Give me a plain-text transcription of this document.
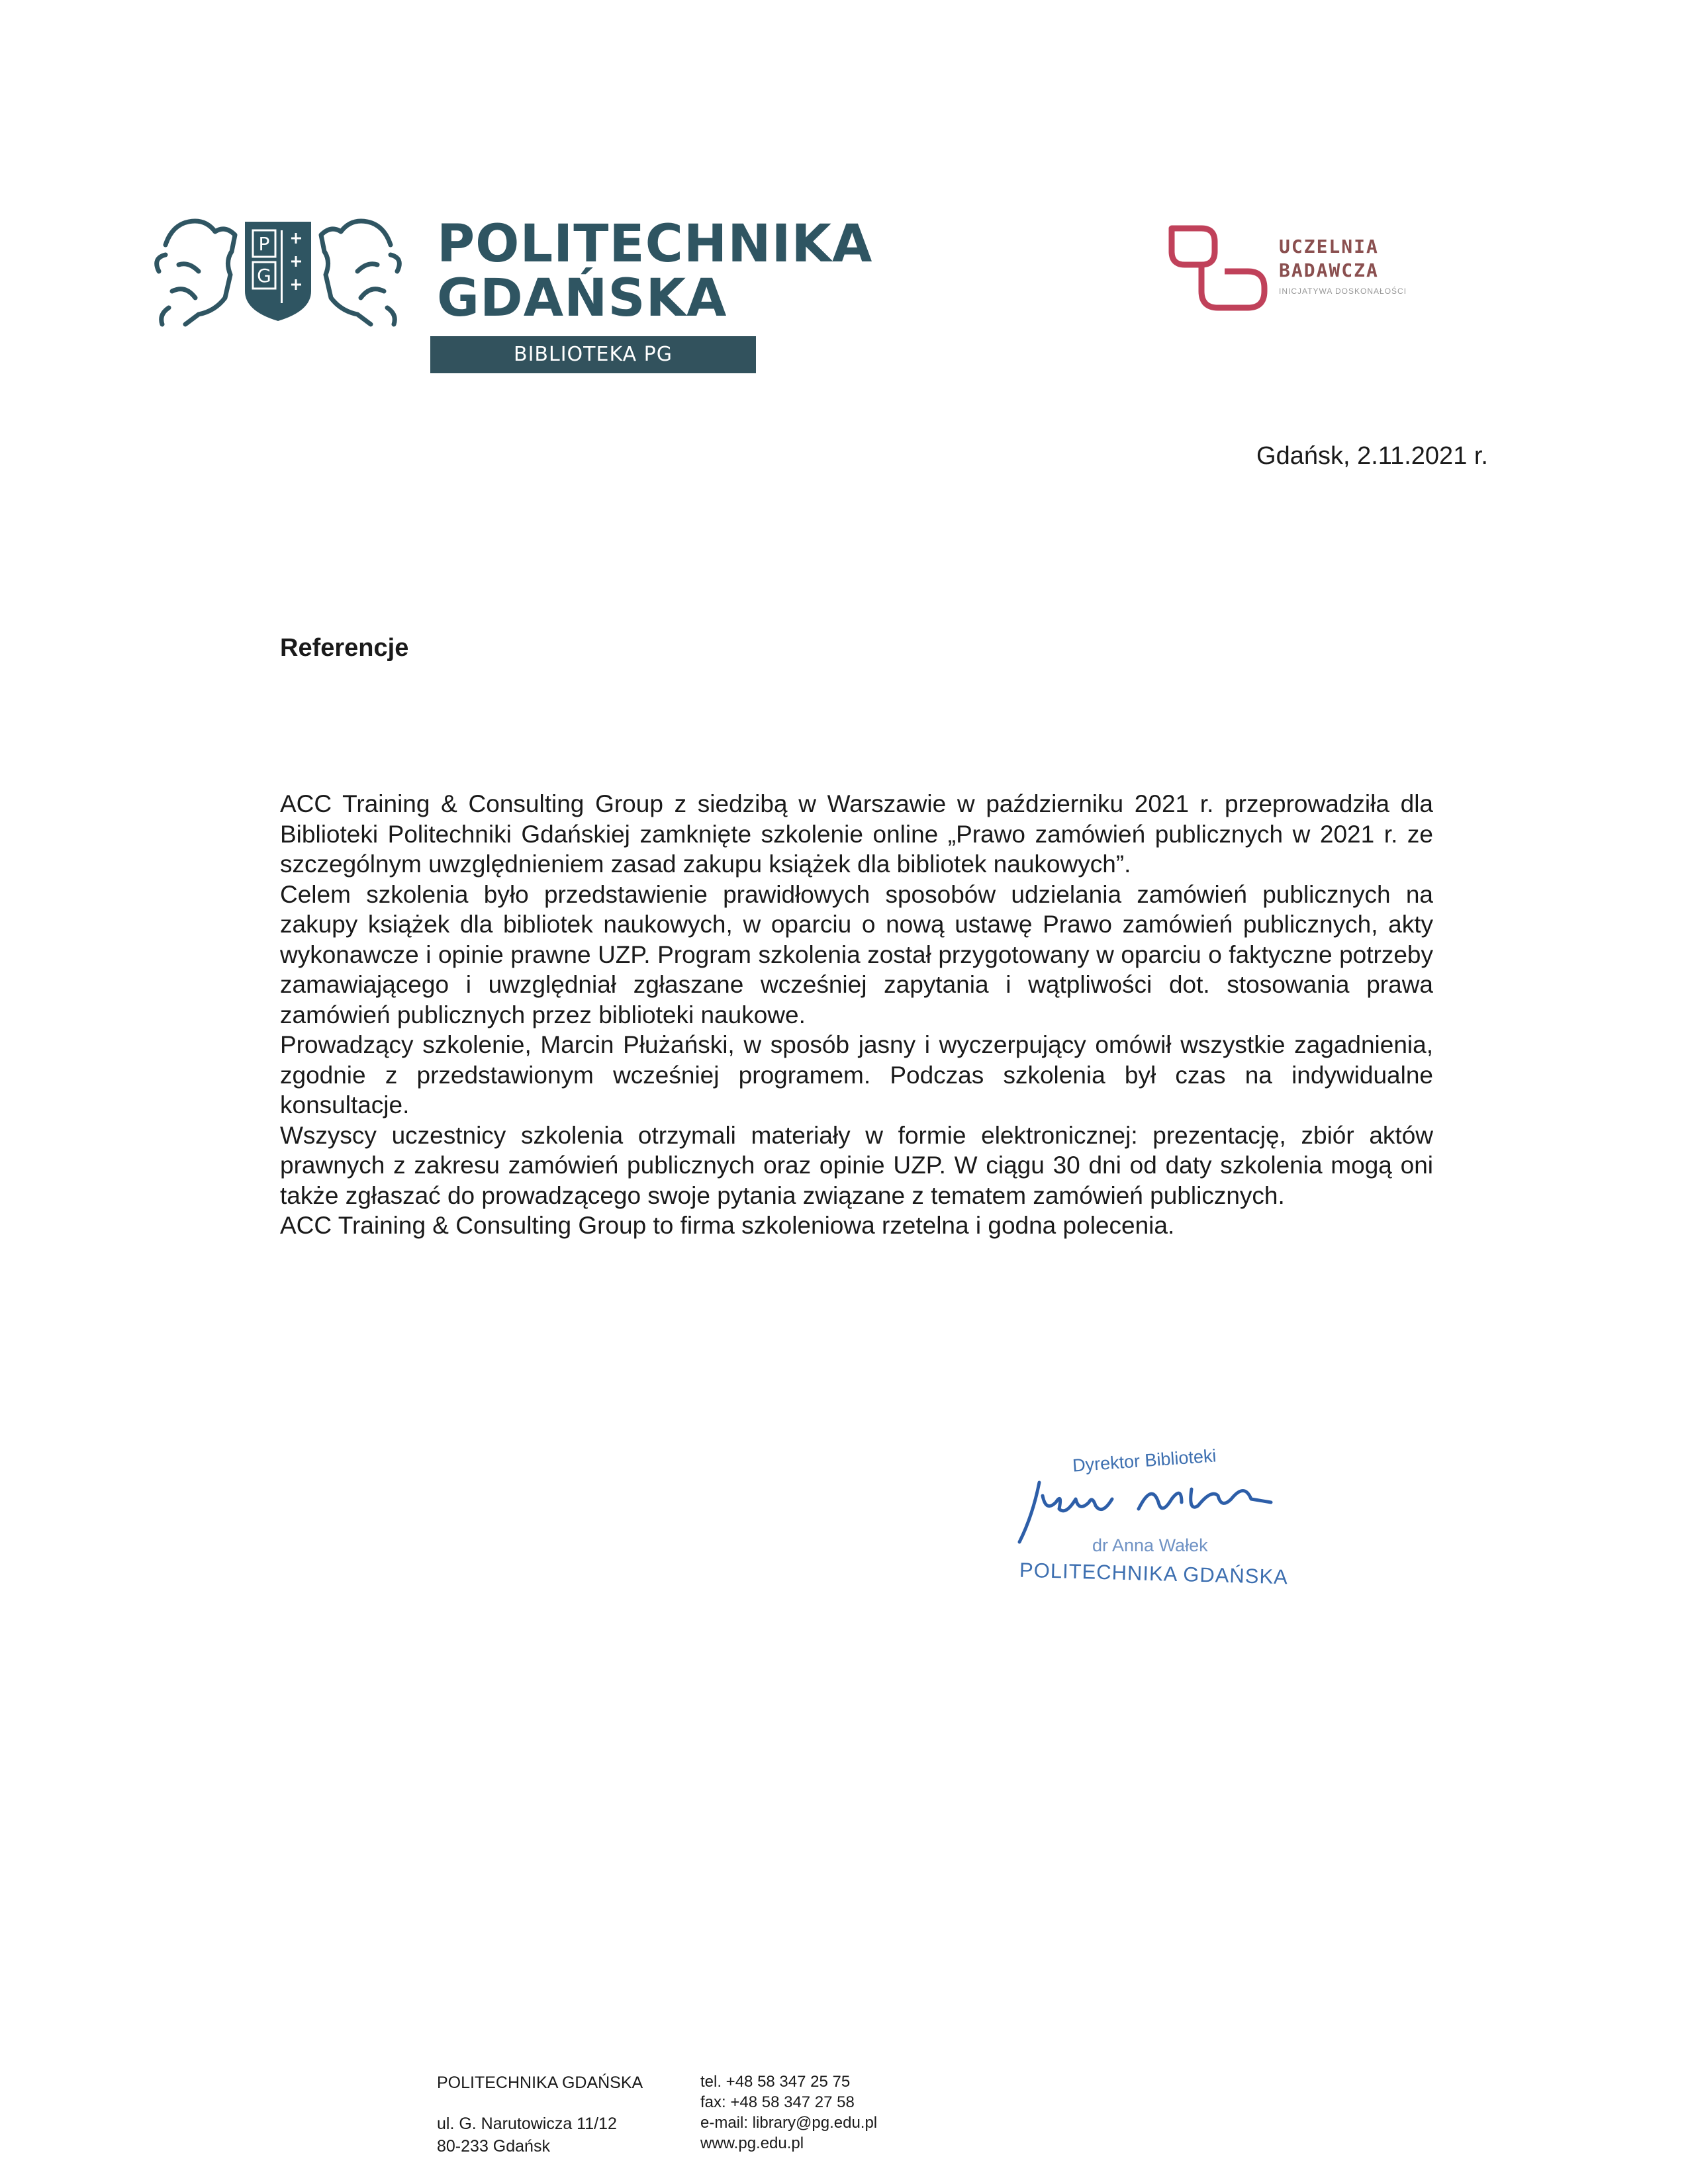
P
G
POLITECHNIKA
GDAŃSKA
BIBLIOTEKA PG
UCZELNIA
BADAWCZA
INICJATYWA DOSKONAŁOŚCI
Gdańsk, 2.11.2021 r.
Referencje

ACC Training & Consulting Group z siedzibą w Warszawie w październiku 2021 r. przeprowadziła dla Biblioteki Politechniki Gdańskiej zamknięte szkolenie online „Prawo zamówień publicznych w 2021 r. ze szczególnym uwzględnieniem zasad zakupu książek dla bibliotek naukowych”.

Celem szkolenia było przedstawienie prawidłowych sposobów udzielania zamówień publicznych na zakupy książek dla bibliotek naukowych, w oparciu o nową ustawę Prawo zamówień publicznych, akty wykonawcze i opinie prawne UZP. Program szkolenia został przygotowany w oparciu o faktyczne potrzeby zamawiającego i uwzględniał zgłaszane wcześniej zapytania i wątpliwości dot. stosowania prawa zamówień publicznych przez biblioteki naukowe.

Prowadzący szkolenie, Marcin Płużański, w sposób jasny i wyczerpujący omówił wszystkie zagadnienia, zgodnie z przedstawionym wcześniej programem. Podczas szkolenia był czas na indywidualne konsultacje.

Wszyscy uczestnicy szkolenia otrzymali materiały w formie elektronicznej: prezentację, zbiór aktów prawnych z zakresu zamówień publicznych oraz opinie UZP. W ciągu 30 dni od daty szkolenia mogą oni także zgłaszać do prowadzącego swoje pytania związane z tematem zamówień publicznych.

ACC Training & Consulting Group to firma szkoleniowa rzetelna i godna polecenia.

Dyrektor Biblioteki
dr Anna Wałek
POLITECHNIKA GDAŃSKA
POLITECHNIKA GDAŃSKA
ul. G. Narutowicza 11/12
80-233 Gdańsk
tel. +48 58 347 25 75
fax: +48 58 347 27 58
e-mail: library@pg.edu.pl
www.pg.edu.pl
